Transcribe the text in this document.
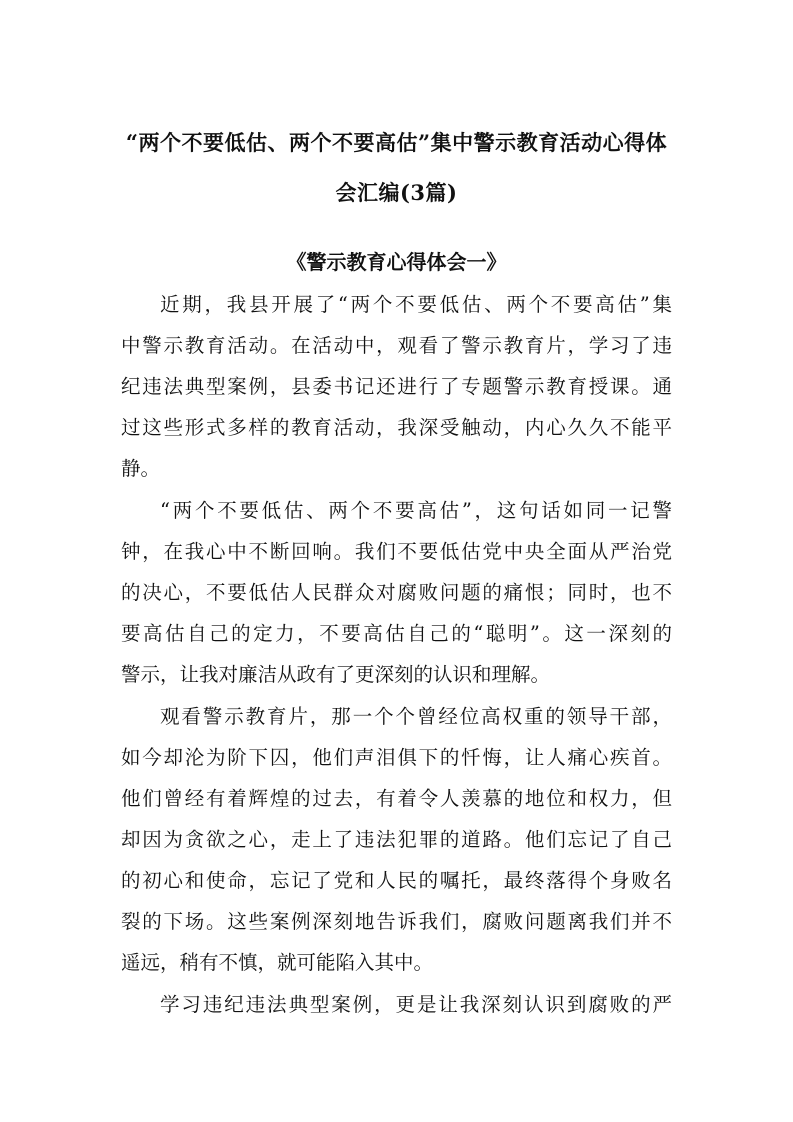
“两个不要低估、两个不要高估”集中警示教育活动心得体
会汇编(3篇)
《警示教育心得体会一》
近期，我县开展了“两个不要低估、两个不要高估”集
中警示教育活动。在活动中，观看了警示教育片，学习了违
纪违法典型案例，县委书记还进行了专题警示教育授课。通
过这些形式多样的教育活动，我深受触动，内心久久不能平
静。
“两个不要低估、两个不要高估”，这句话如同一记警
钟，在我心中不断回响。我们不要低估党中央全面从严治党
的决心，不要低估人民群众对腐败问题的痛恨；同时，也不
要高估自己的定力，不要高估自己的“聪明”。这一深刻的
警示，让我对廉洁从政有了更深刻的认识和理解。
观看警示教育片，那一个个曾经位高权重的领导干部，
如今却沦为阶下囚，他们声泪俱下的忏悔，让人痛心疾首。
他们曾经有着辉煌的过去，有着令人羡慕的地位和权力，但
却因为贪欲之心，走上了违法犯罪的道路。他们忘记了自己
的初心和使命，忘记了党和人民的嘱托，最终落得个身败名
裂的下场。这些案例深刻地告诉我们，腐败问题离我们并不
遥远，稍有不慎，就可能陷入其中。
学习违纪违法典型案例，更是让我深刻认识到腐败的严
